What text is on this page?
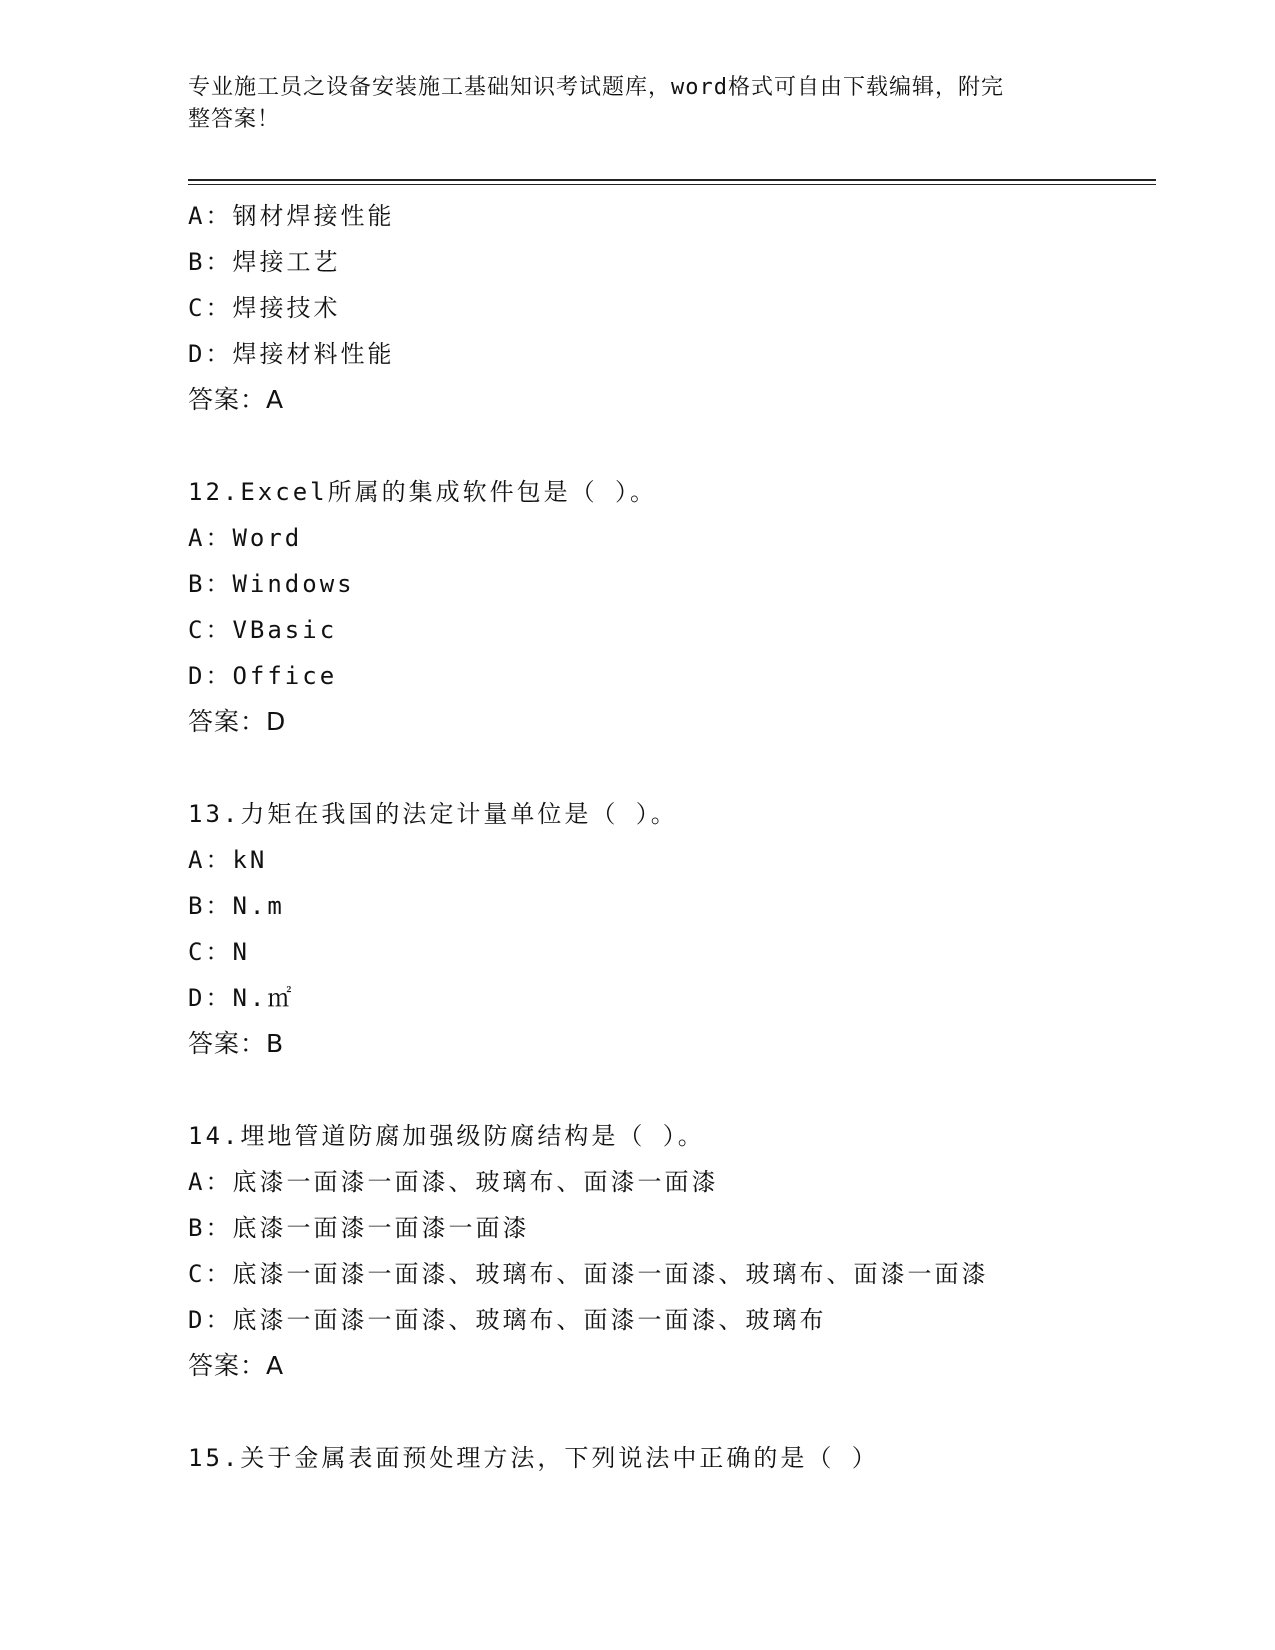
专业施工员之设备安装施工基础知识考试题库，word格式可自由下载编辑，附完
整答案！
A：钢材焊接性能
B：焊接工艺
C：焊接技术
D：焊接材料性能
答案：A
12.Excel所属的集成软件包是（ ）。
A：Word
B：Windows
C：VBasic
D：Office
答案：D
13.力矩在我国的法定计量单位是（ ）。
A：kN
B：N.m
C：N
D：N.㎡
答案：B
14.埋地管道防腐加强级防腐结构是（ ）。
A：底漆一面漆一面漆、玻璃布、面漆一面漆
B：底漆一面漆一面漆一面漆
C：底漆一面漆一面漆、玻璃布、面漆一面漆、玻璃布、面漆一面漆
D：底漆一面漆一面漆、玻璃布、面漆一面漆、玻璃布
答案：A
15.关于金属表面预处理方法，下列说法中正确的是（ ）
